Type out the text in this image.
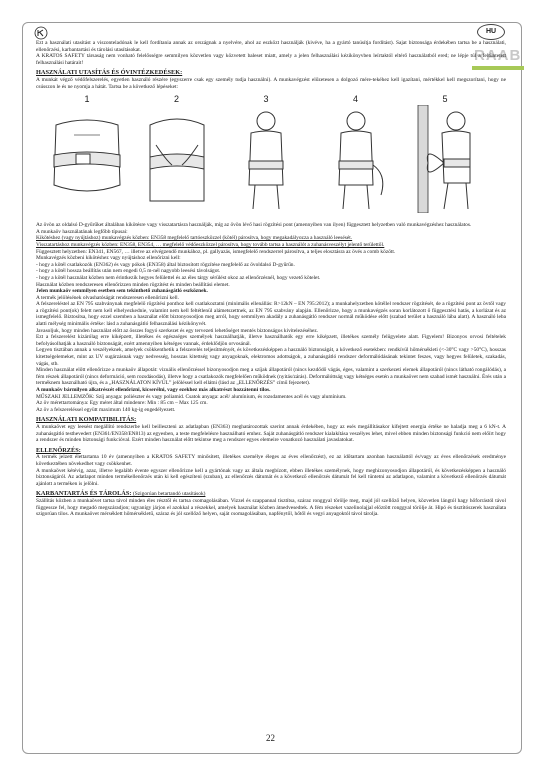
HU
RAAB

Ezt a használati utasítást a viszonteladónak le kell fordítania annak az országnak a nyelvére, ahol az eszközt használják (kivéve, ha a gyártó tanúsítja fordítást). Sajat biztonsága érdekében tartsa be a használati, ellenőrzési, karbantartási és tárolási utasításokat.

A KRATOS SAFETY társaság nem vonható felelősségre semmilyen közvetlen vagy közvetett baleset miatt, amely a jelen felhasználási kézikönyvben leírtaktól eltérő használatból ered; ne lépje túl a feltüntetett felhasználási határait!

HASZNÁLATI UTASÍTÁS ÉS ÓVINTÉZKEDÉSEK:

A munkát végző védőfelszerelés, egyetlen használó részére (egyszerre csak egy személy tudja használni). A munkavégzést előzetesen a dolgozó mére-tekéhez kell igazítani, mértékkel kell megszorítani, hogy ne csússzon le és ne nyomja a hátát. Tartsa be a következő lépéseket:

1	2	3	4	5

Az övön az oldalsó D-gyűrűket általában kikötésre vagy visszatartásra használják, míg az övön lévő hasi rögzítési pont (amennyiben van ilyen) függesztett helyzetben való munkavégzéshez használatos.

A munkaöv használatának legfőbb típusai:

Kikötéshez (vagy nyújtáshoz) munkavégzés közben: EN358 megfelelő tartóeszközzel (kötél) párosítva, hogy megakadályozza a használó leesését.

Visszatartáshoz munkavégzés közben: EN358, EN354, … megfelelő védőeszközzel párosítva, hogy tovább tartsa a használót a zuhanásveszélyt jelentő területtől.

Függesztett helyzetben: EN341, EN567, … illetve az elvégzendő munkához, pl. gallyazás, ismegfelelő rendszerrel párosítva, a teljes elosztásra az övés a comb között.

Munkavégzés közbeni kikötéshez vagy nyújtáshoz ellenőrizni kell:

- hogy a kötél csatlakozók (EN362) és vagy pókok (EN358) által biztosított rögzítése megfelelő az övoldalsó D-gyűrűn.

- hogy a kötél hossza beállítás után nem engedi 0,5 m-nél nagyobb leesési távolságot.

- hogy a kötél használat közben nem érintkezik hegyes felülettel és az éles tárgy sérülést okoz az ellenőrzésnél, hogy vezető kötelet.

Használat közben rendszeresen ellenőrizzen minden rögzítést és minden beállítási elemet.

Jelen munkaöv semmilyen esetben sem tekinthető zuhanásgátló eszköznek.

A termék jelölésének olvashatóságát rendszeresen ellenőrizni kell.

A felszereléstel az EN 795 szabványnak megfelelő rögzítési ponthoz kell csatlakoztatni (minimális ellenállás: R>12kN – EN 795:2012); a munkahelyzetben kötéllel rendszer rögzítését, de a rögzítési pont az övtől vagy a rögzítési pont(ok) felett nem kell elhelyezkednie, valamint nem kell feltétlenül alámetszettnek, az EN 795 szabvány alapján. Ellenőrizze, hogy a munkavégzés soran korlátozott ő függesztési hatás, a korlázat és az ismegfelelő. Biztosítsa, hogy ezzel szemben a használat előtt biztonyosodjon meg arról, hogy semmilyen akadály a zuhanásgátló rendszer normál működése előtt (szabad terület a használó lába alatt). A használó leba alatti mélység minimális értéke: lásd a zuhanásgátló felhasználási kézikönyvét.

Javasoljuk, hogy minden használat előtt az összes fogyó szerkezet és egy tervezeti lehetőséget mentés biztonságos kivitelezéséhez.

Ezt a felszerelést kizárólag erre kiképzett, illetékes és egészséges személyek használhatják, illetve használhatók egy erre kiképzett, illetékes személy felügyelete alatt. Figyelem! Bizonyos orvosi feltételek befolyásolhatják a használó biztonságát, ezért amennyiben kétséges vannak, érdeklődjön orvosánál.

Legyen tisztában annak a veszélyeknek, amelyek csökkenthetik a felszerelés teljesítményét, és következésképpen a használó biztonságát, a következő esetekben: rendkívül hőmérsékleti (<-30°C vagy >50°C), hosszas kitettségelemeket, mint az UV sugárzásnak vagy nedvesség, hosszas kitettség vagy anyagoknak, elektromos adottságok, a zuhanásgátló rendszer deformálódásának tekintet feszes, vagy hegyes felületek, szakadás, vágás, stb.

Minden használat előtt ellenőrizze a munkaöv állapotát: vizuális ellenőrzéssel bizonyosodjon meg a szíjak állapotáról (nincs kezdődő vágás, éges, valamint a szerkezeti elemek állapotáról (nincs látható rongálódás), a fém részek állapotáról (nincs deformáció, sem rozsdásodás), illetve hogy a csatlakozók megfelelően működnek (nyitás/zárás). Deformálóttság vagy kétséges esetén a munkaövet nem szabad ismét használni. Érés után a terméknem használható újra, és a „HASZNÁLATON KÍVÜL” jelöléssel kell ellátni (lásd az „ELLENŐRZÉS” című fejezetet).

A munkaöv bármilyen alkatrészét ellenőrizni, kicserélni, vagy ezekhez más alkatrészt hozzátenni tilos.

MŰSZAKI JELLEMZŐK: Szíj anyaga: poliészter és vagy poliamid. Csatok anyaga: acél/ alumínium, és rozsdamentes acél és vagy alumínium.

Az öv mérettartománya: Egy méret által mindenre: Min : 85 cm – Max 125 cm.

Az öv a felszereléssel együtt maximum 140 kg-ig engedélyezett.

HASZNÁLATI KOMPATIBILITÁS:

A munkaövet egy leesést megállító rendszerbe kell beilleszteni az adatlapban (EN363) meghatározottak szerint annak érdekében, hogy az esés megállításakor kifejtett energia értéke ne haladja meg a 6 kN-t. A zuhanásgátló testhevedert (EN361/EN358/EN813) az egyesben, a teste megfelelésre használható emhez. Saját zuhanásgátló rendszer kialakítása veszélyes lehet, mivel ebben minden biztonsági funkció nem előírt hogy a rendszer és minden biztonsági funkcióval. Ezért minden használat előtt tekintse meg a rendszer egyes elemeire vonatkozó használati javaslatokat.

ELLENŐRZÉS:

A termék jelzett élettartama 10 év (amennyiben a KRATOS SAFETY minősített, illetékes személye éleges az éves ellenőrzést), ez az időtartam azonban használattól és/vagy az éves ellenőrzések eredménye következtében növekedhet vagy csökkenhet.

A munkaövet kétévig, azaz, illetve legalább évente egyszer ellenőrizne kell a gyártónak vagy az általa megbízott, ebben illetékes személynek, hogy meghizonyosodjon állapotáról, és következésképpen a használó biztonságáról. Az adatlapot minden termékellenőrzés után ki kell egészíteni (szuban), az ellenőrzés dátumát és a következő ellenőrzés dátumát fel kell tüntetni az adatlapon, valamint a következő ellenőrzés dátumát ajánlott a terméken is jelölni.

KARBANTARTÁS ÉS TÁROLÁS: (Szigorúan betartandó utasítások)

Szállítás közben a munkaövet tartsa távol minden éles résztől és tartsa csomagolásában. Vizzel és szappannal tisztítsa, száraz ronggyal törölje meg, majd jól szellőző helyen, közvetlen lángtól hagy hőforrástól távol függessze fel, hogy megadó megszáradjon; ugyanígy járjon el azokkal a részekkel, amelyek használat közben átnedvesedtek. A fém részeket vazelinolajjal elöztött ronggyal törölje át. Hipó és tisztítószerek használata szigorúan tilos. A munkaövet mérséklett hőmérsékletű, száraz és jól szellőző helyen, saját csomagolásában, napfénytől, hőtől és vegyi anyagoktól távol tárolja.

22
